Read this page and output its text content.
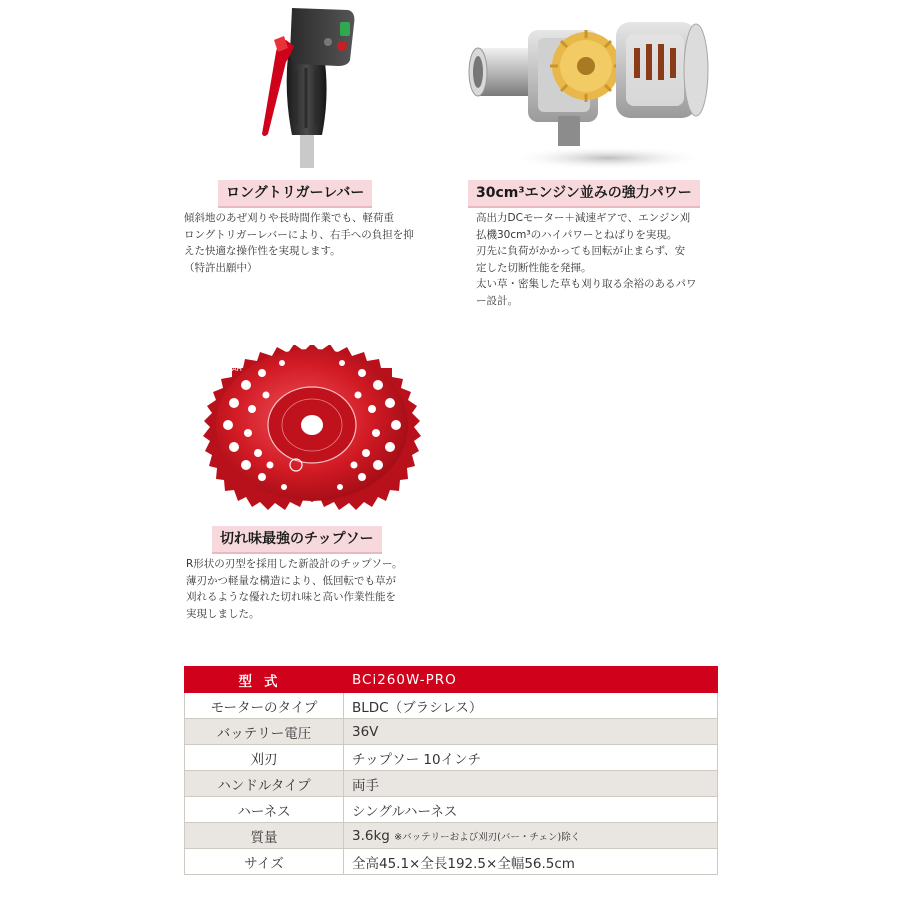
ロングトリガーレバー

傾斜地のあぜ刈りや長時間作業でも、軽荷重

ロングトリガーレバーにより、右手への負担を抑

えた快適な操作性を実現します。

（特許出願中）

30cm³エンジン並みの強力パワー

高出力DCモーター＋減速ギアで、エンジン刈

払機30cm³のハイパワーとねばりを実現。

刃先に負荷がかかっても回転が止まらず、安

定した切断性能を発揮。

太い草・密集した草も刈り取る余裕のあるパワ

ー設計。

ZENOAH
切れ味最強のチップソー

R形状の刃型を採用した新設計のチップソー。

薄刃かつ軽量な構造により、低回転でも草が

刈れるような優れた切れ味と高い作業性能を

実現しました。

型式	BCi260W-PRO
モーターのタイプ	BLDC（ブラシレス）
バッテリー電圧	36V
刈刃	チップソー 10インチ
ハンドルタイプ	両手
ハーネス	シングルハーネス
質量	3.6kg ※バッテリーおよび刈刃(バー・チェン)除く
サイズ	全高45.1×全長192.5×全幅56.5cm
